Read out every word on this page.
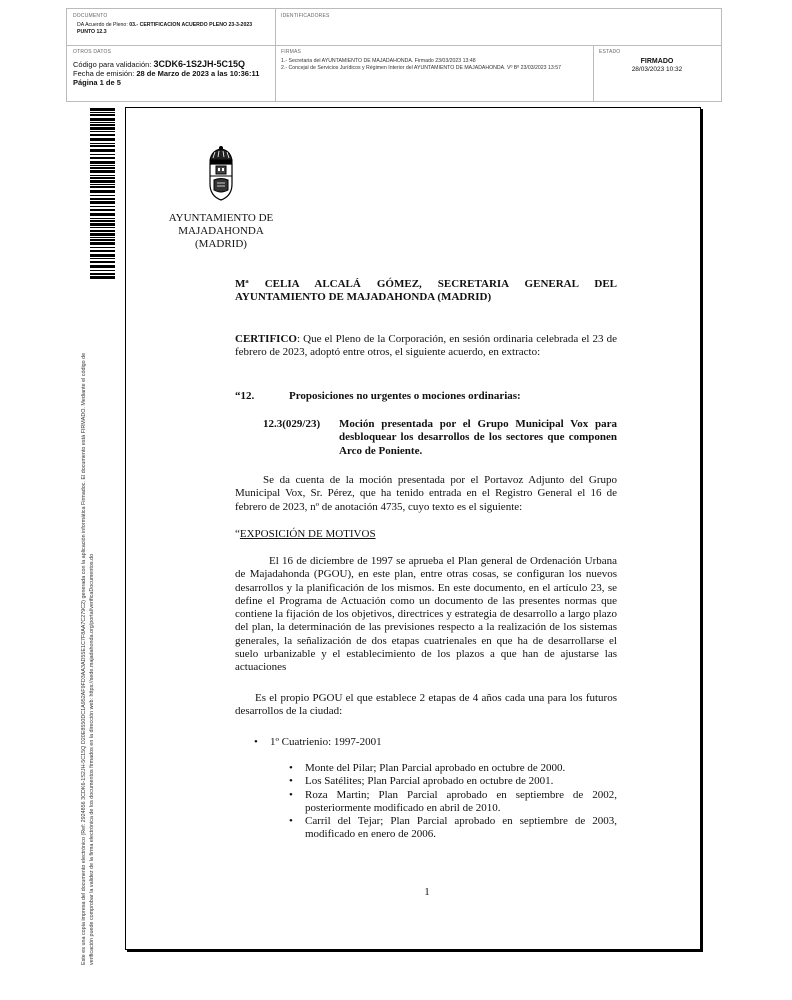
DOCUMENTO
DA Acuerdo de Pleno: 03.- CERTIFICACION ACUERDO PLENO 23-3-2023
PUNTO 12.3
IDENTIFICADORES
OTROS DATOS
Código para validación: 3CDK6-1S2JH-5C15Q
Fecha de emisión: 28 de Marzo de 2023 a las 10:36:11
Página 1 de 5
FIRMAS
1.- Secretaria del AYUNTAMIENTO DE MAJADAHONDA. Firmado 23/03/2023 13:48
2.- Concejal de Servicios Jurídicos y Régimen Interior del AYUNTAMIENTO DE MAJADAHONDA. Vº Bº 23/03/2023 13:57
ESTADO
FIRMADO
28/03/2023 10:32
Este es una copia impresa del documento electrónico (Ref: 2924856 3CDK6-1S2JH-5C15Q D20E8550DC1A952AF9FD3AA3AD55E1C7F8AA7C279C2) generada con la aplicación informática Firmadoc. El documento está FIRMADO. Mediante el código de verificación puede comprobar la validez de la firma electrónica de los documentos firmados en la dirección web: https://sede.majadahonda.org/portal/verificaDocumentos.do
AYUNTAMIENTO DE
MAJADAHONDA
(MADRID)
Mª CELIA ALCALÁ GÓMEZ, SECRETARIA GENERAL DEL AYUNTAMIENTO DE MAJADAHONDA (MADRID)
CERTIFICO: Que el Pleno de la Corporación, en sesión ordinaria celebrada el 23 de febrero de 2023, adoptó entre otros, el siguiente acuerdo, en extracto:
“12.	Proposiciones no urgentes o mociones ordinarias:
12.3(029/23) Moción presentada por el Grupo Municipal Vox para desbloquear los desarrollos de los sectores que componen Arco de Poniente.
Se da cuenta de la moción presentada por el Portavoz Adjunto del Grupo Municipal Vox, Sr. Pérez, que ha tenido entrada en el Registro General el 16 de febrero de 2023, nº de anotación 4735, cuyo texto es el siguiente:
“EXPOSICIÓN DE MOTIVOS
El 16 de diciembre de 1997 se aprueba el Plan general de Ordenación Urbana de Majadahonda (PGOU), en este plan, entre otras cosas, se configuran los nuevos desarrollos y la planificación de los mismos. En este documento, en el artículo 23, se define el Programa de Actuación como un documento de las presentes normas que contiene la fijación de los objetivos, directrices y estrategia de desarrollo a largo plazo del plan, la determinación de las previsiones respecto a la realización de los sistemas generales, la señalización de dos etapas cuatrienales en que ha de desarrollarse el suelo urbanizable y el establecimiento de los plazos a que han de ajustarse las actuaciones
Es el propio PGOU el que establece 2 etapas de 4 años cada una para los futuros desarrollos de la ciudad:
• 1º Cuatrienio: 1997-2001
•	Monte del Pilar; Plan Parcial aprobado en octubre de 2000.
•	Los Satélites; Plan Parcial aprobado en octubre de 2001.
•	Roza Martin; Plan Parcial aprobado en septiembre de 2002, posteriormente modificado en abril de 2010.
•	Carril del Tejar; Plan Parcial aprobado en septiembre de 2003, modificado en enero de 2006.
1
